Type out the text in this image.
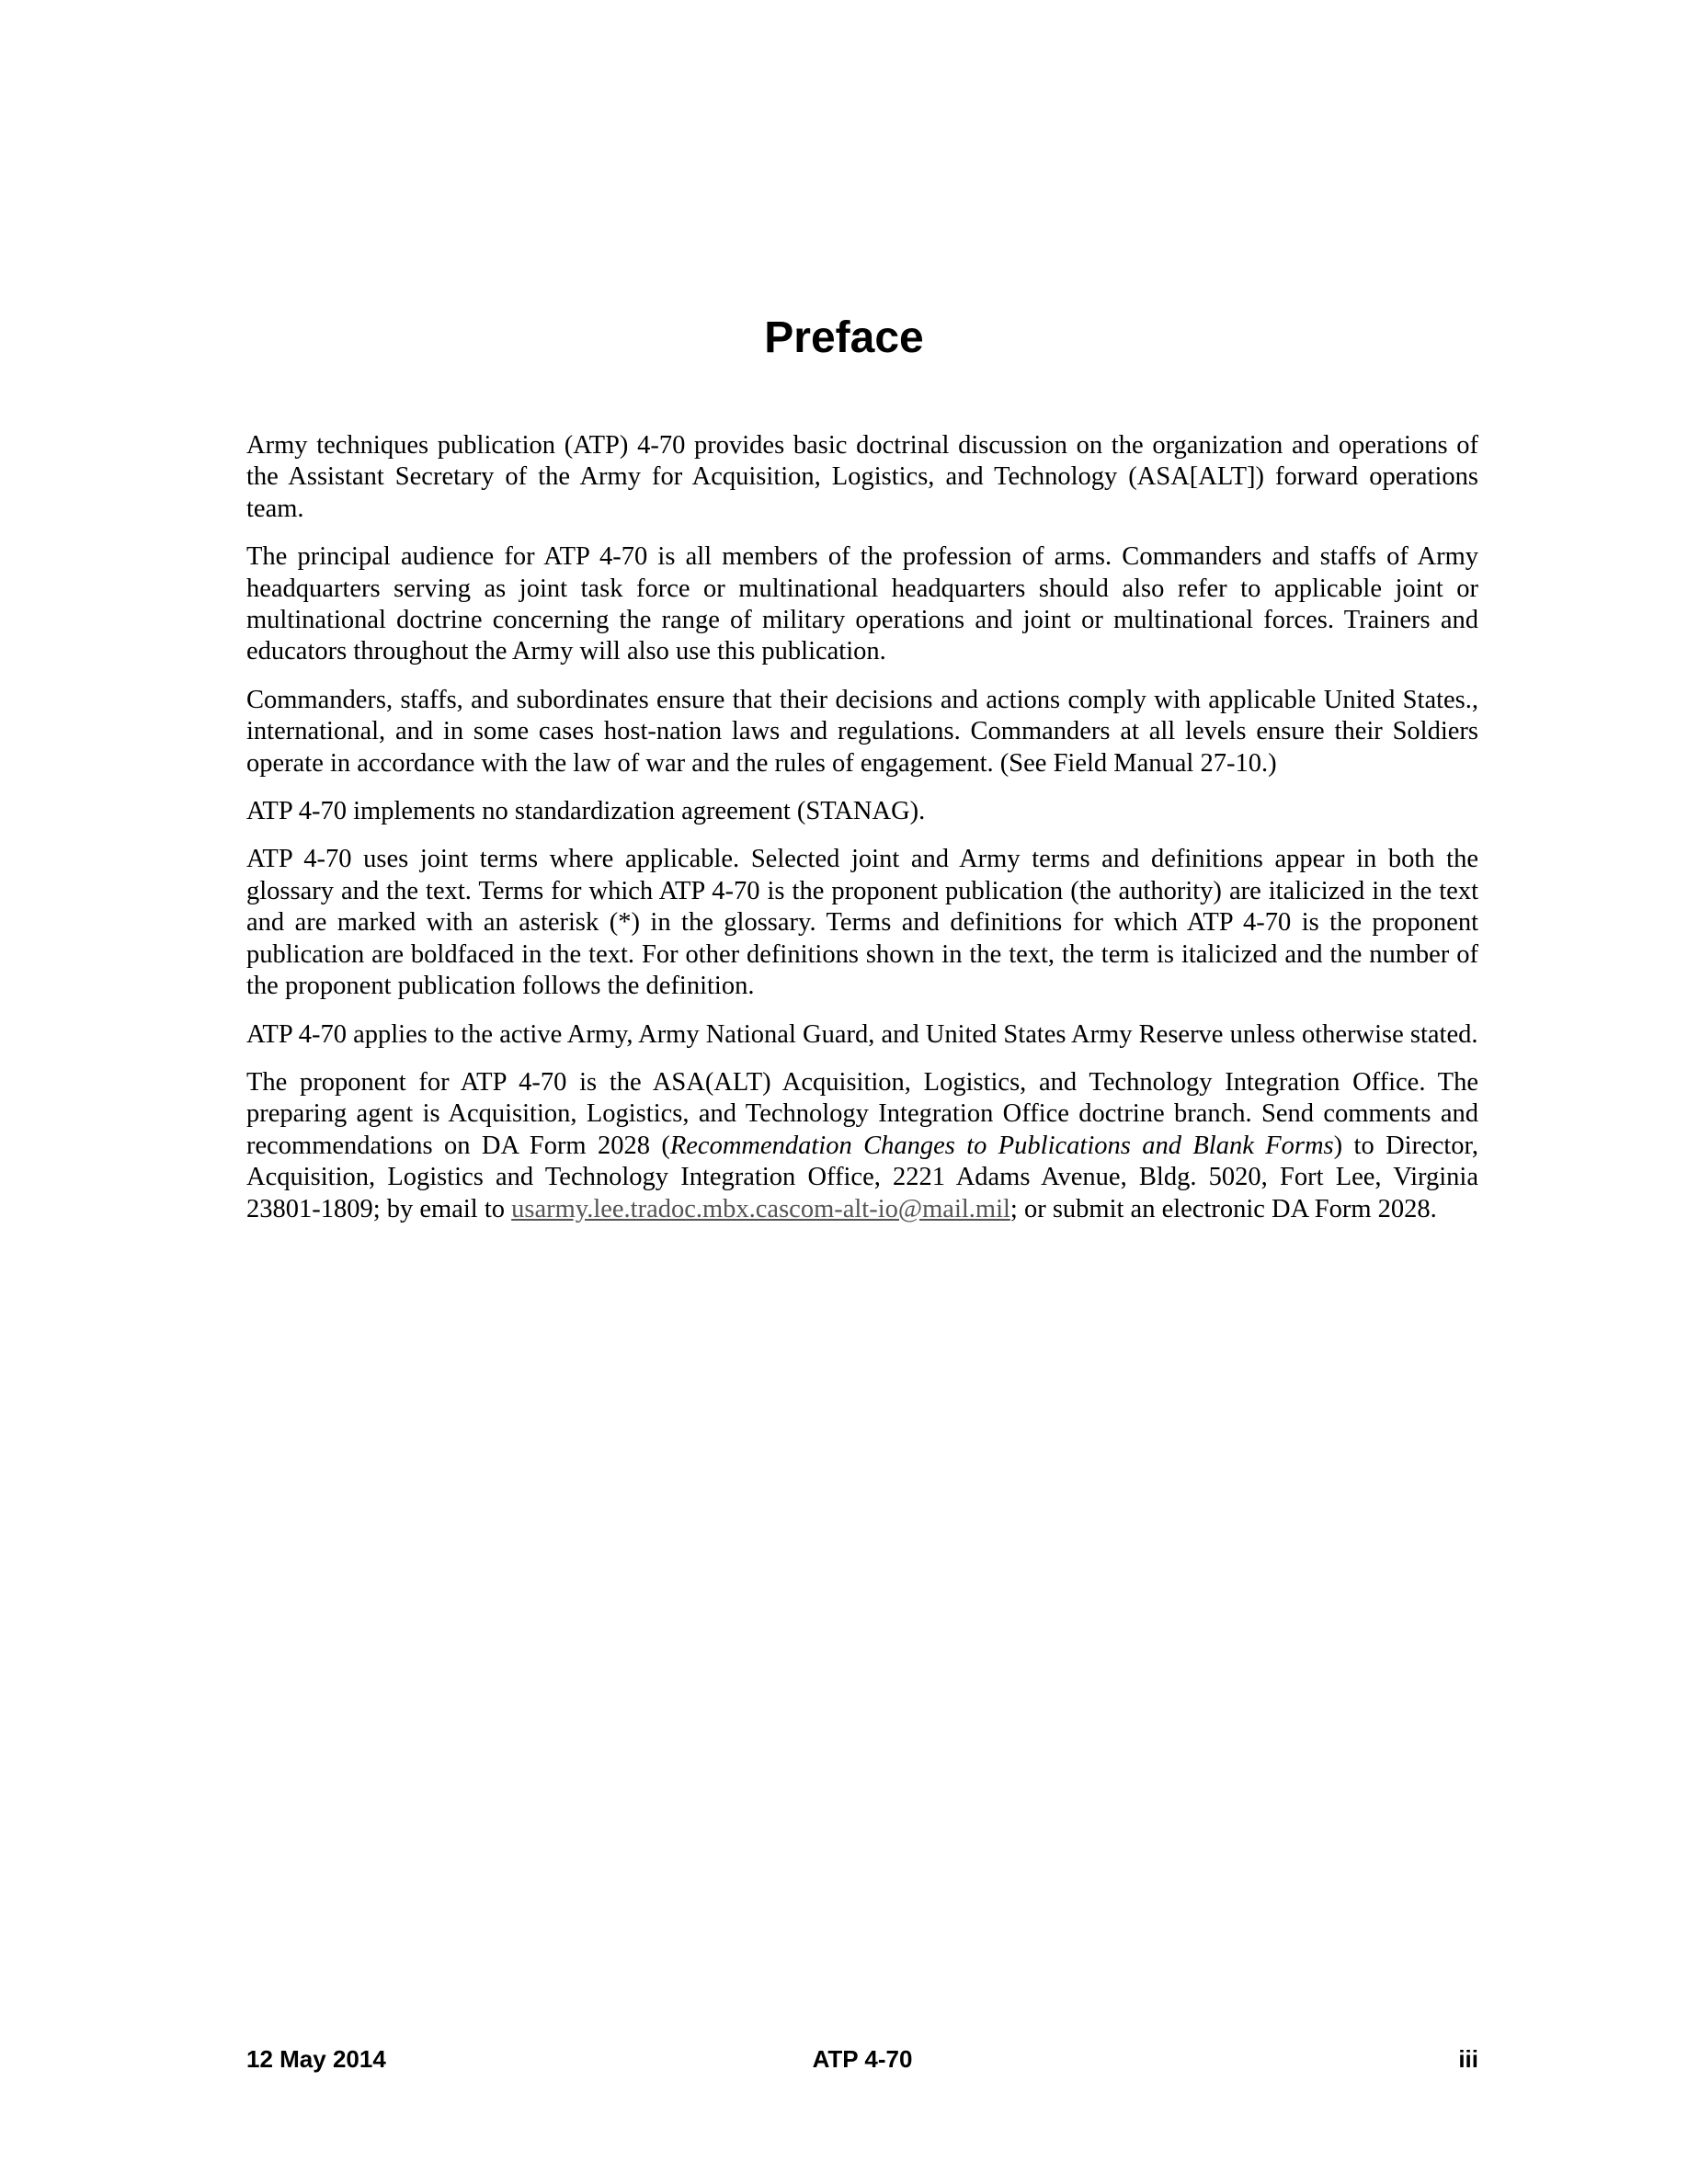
Preface

Army techniques publication (ATP) 4-70 provides basic doctrinal discussion on the organization and operations of the Assistant Secretary of the Army for Acquisition, Logistics, and Technology (ASA[ALT]) forward operations team.

The principal audience for ATP 4-70 is all members of the profession of arms. Commanders and staffs of Army headquarters serving as joint task force or multinational headquarters should also refer to applicable joint or multinational doctrine concerning the range of military operations and joint or multinational forces. Trainers and educators throughout the Army will also use this publication.

Commanders, staffs, and subordinates ensure that their decisions and actions comply with applicable United States., international, and in some cases host-nation laws and regulations. Commanders at all levels ensure their Soldiers operate in accordance with the law of war and the rules of engagement. (See Field Manual 27-10.)

ATP 4-70 implements no standardization agreement (STANAG).

ATP 4-70 uses joint terms where applicable. Selected joint and Army terms and definitions appear in both the glossary and the text. Terms for which ATP 4-70 is the proponent publication (the authority) are italicized in the text and are marked with an asterisk (*) in the glossary. Terms and definitions for which ATP 4-70 is the proponent publication are boldfaced in the text. For other definitions shown in the text, the term is italicized and the number of the proponent publication follows the definition.

ATP 4-70 applies to the active Army, Army National Guard, and United States Army Reserve unless otherwise stated.

The proponent for ATP 4-70 is the ASA(ALT) Acquisition, Logistics, and Technology Integration Office. The preparing agent is Acquisition, Logistics, and Technology Integration Office doctrine branch. Send comments and recommendations on DA Form 2028 (Recommendation Changes to Publications and Blank Forms) to Director, Acquisition, Logistics and Technology Integration Office, 2221 Adams Avenue, Bldg. 5020, Fort Lee, Virginia 23801-1809; by email to usarmy.lee.tradoc.mbx.cascom-alt-io@mail.mil; or submit an electronic DA Form 2028.

12 May 2014	ATP 4-70	iii
